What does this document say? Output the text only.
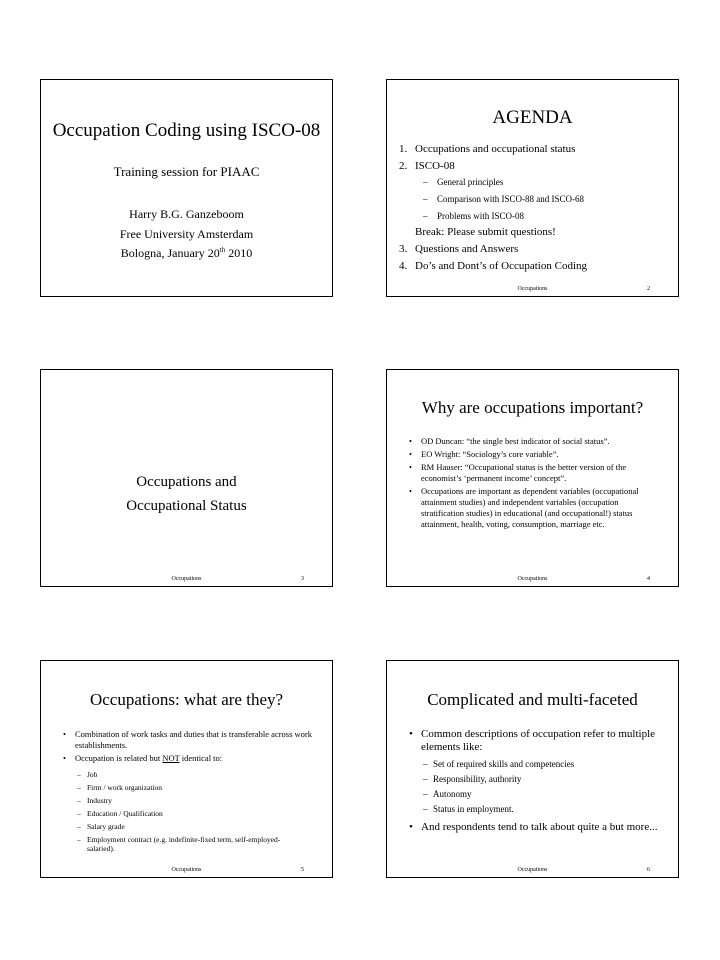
Occupation Coding using ISCO-08
Training session for PIAAC
Harry B.G. Ganzeboom
Free University Amsterdam
Bologna, January 20th 2010
AGENDA
1. Occupations and occupational status
2. ISCO-08
– General principles
– Comparison with ISCO-88 and ISCO-68
– Problems with ISCO-08
Break: Please submit questions!
3. Questions and Answers
4. Do’s and Dont’s of Occupation Coding
Occupations	2
Occupations and
Occupational Status
Occupations	3
Why are occupations important?
• OD Duncan: “the single best indicator of social status”.
• EO Wright: “Sociology’s core variable”.
• RM Hauser: “Occupational status is the better version of the economist’s ‘permanent income’ concept”.
• Occupations are important as dependent variables (occupational attainment studies) and independent variables (occupation stratification studies) in educational (and occupational!) status attainment, health, voting, consumption, marriage etc.
Occupations	4
Occupations: what are they?
• Combination of work tasks and duties that is transferable across work establishments.
• Occupation is related but NOT identical to:
– Job
– Firm / work organization
– Industry
– Education / Qualification
– Salary grade
– Employment contract (e.g. indefinite-fixed term, self-employed-salaried).
Occupations	5
Complicated and multi-faceted
• Common descriptions of occupation refer to multiple elements like:
– Set of required skills and competencies
– Responsibility, authority
– Autonomy
– Status in employment.
• And respondents tend to talk about quite a but more...
Occupations	6
